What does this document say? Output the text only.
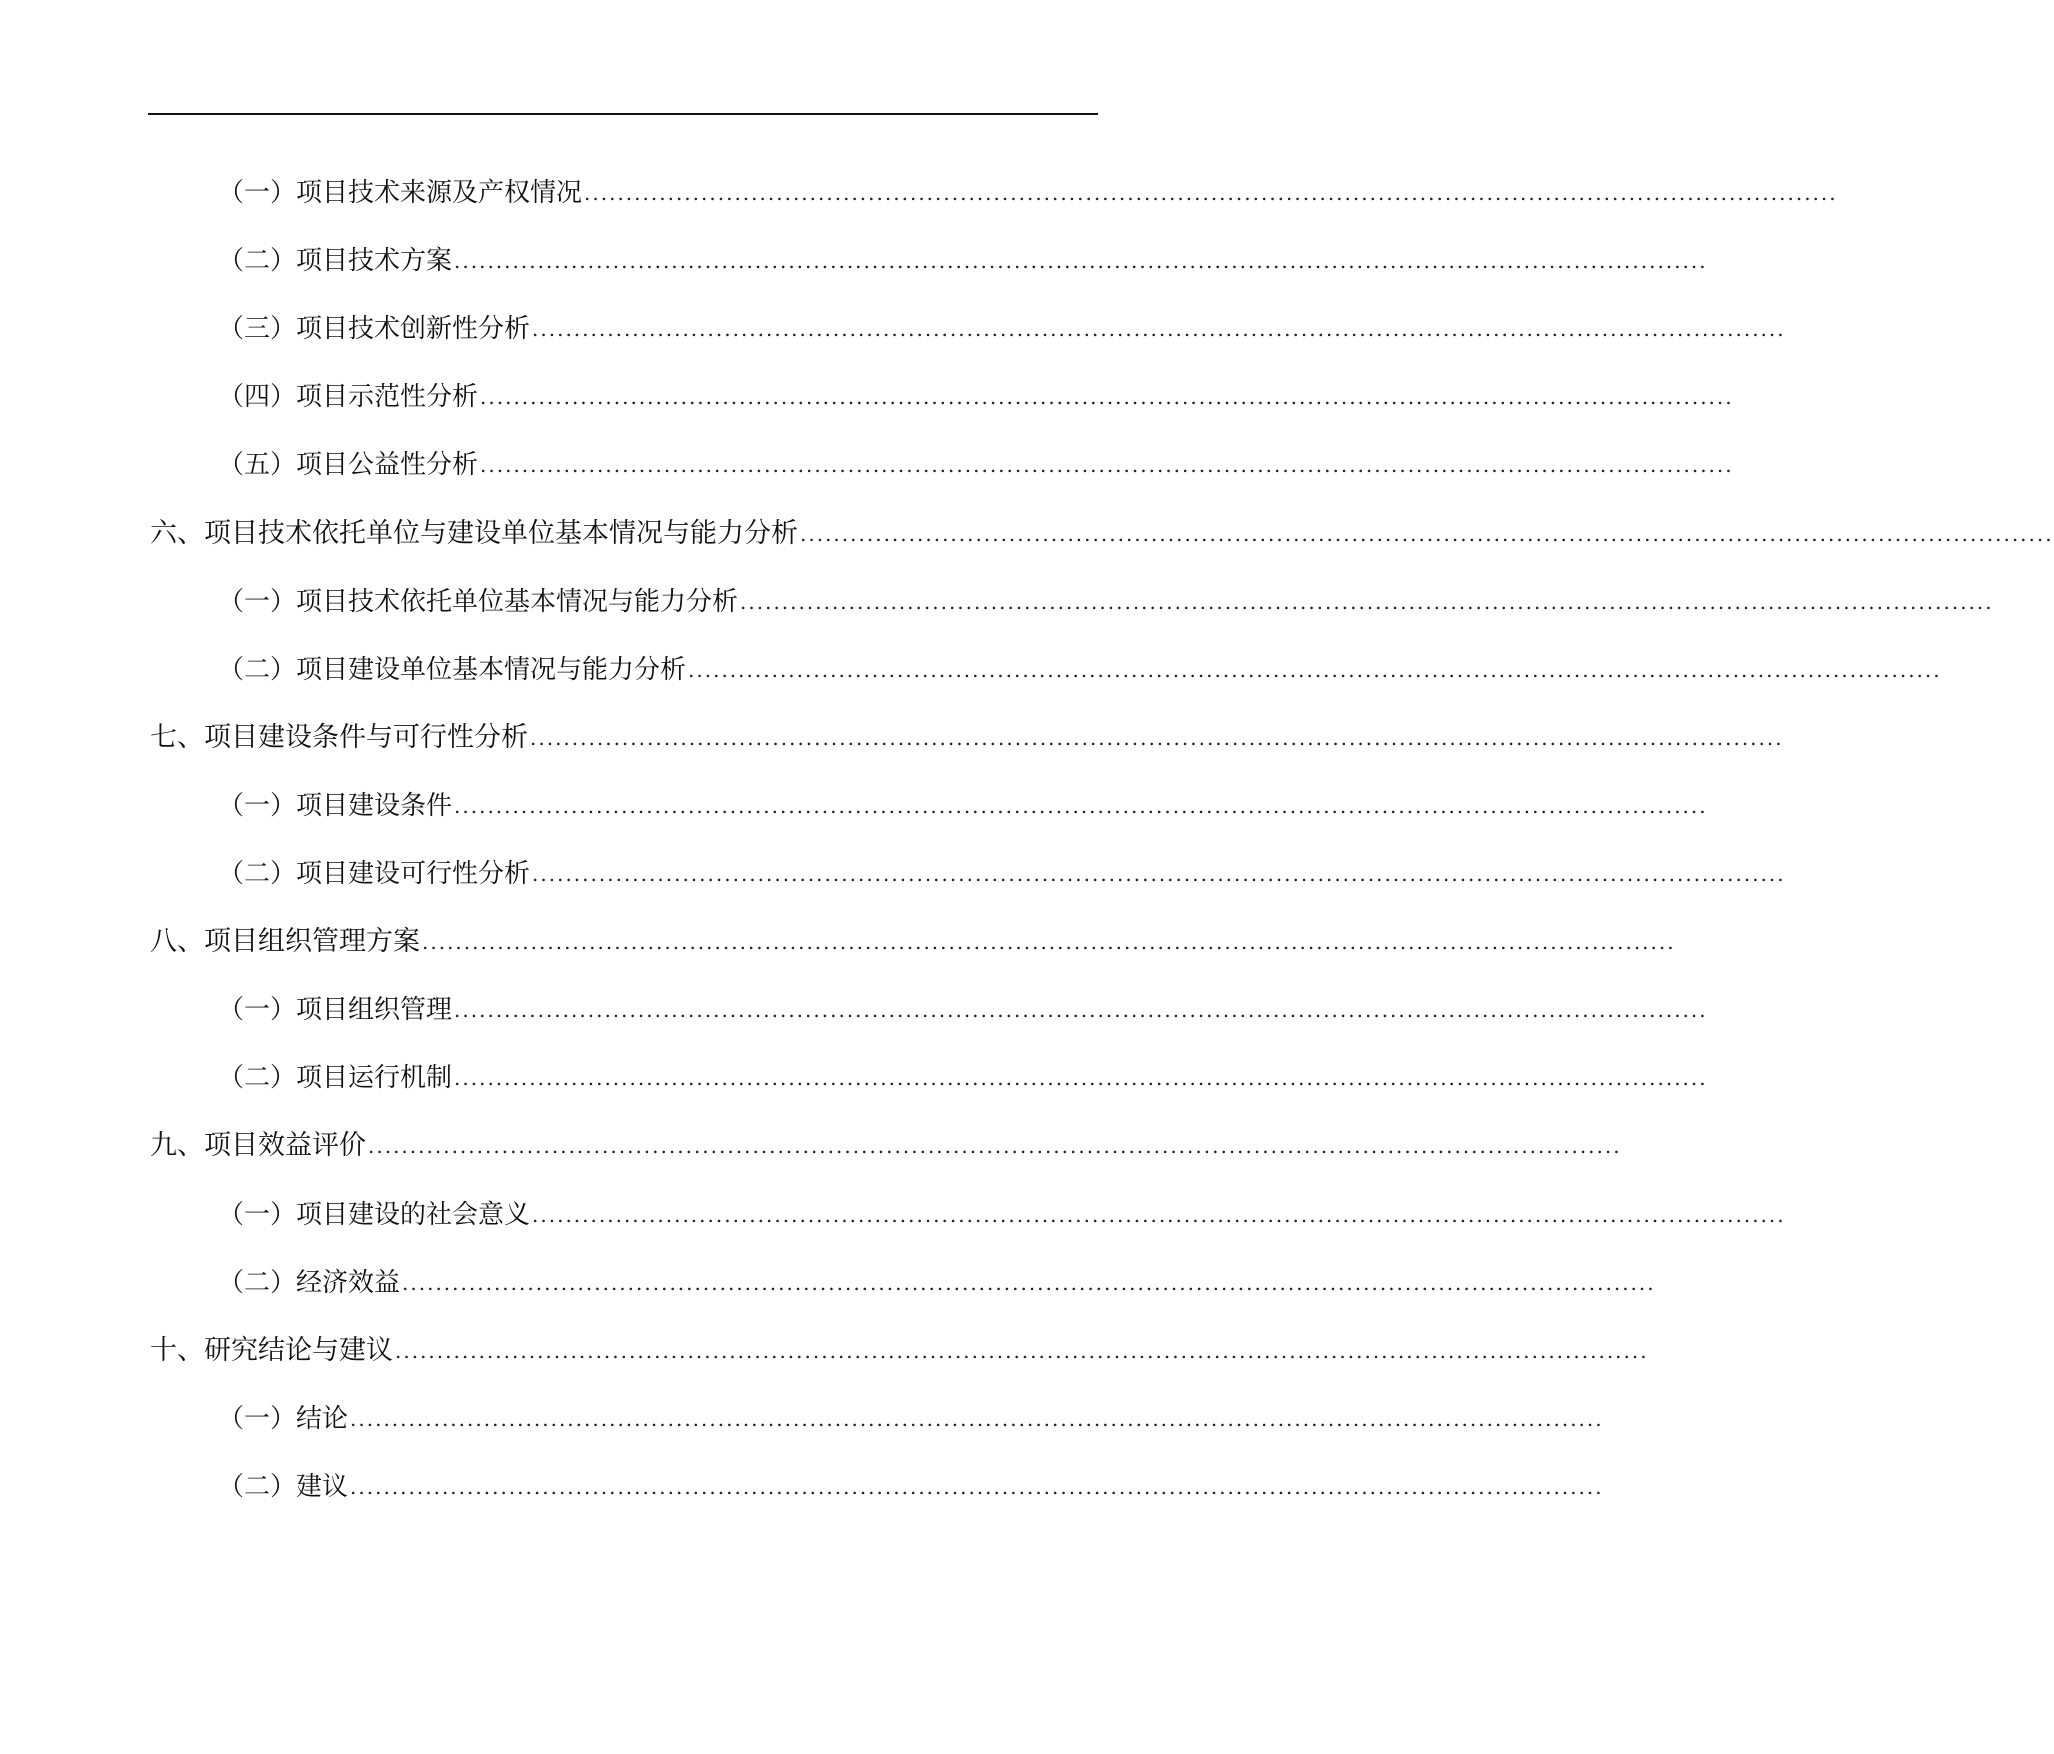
（一）项目技术来源及产权情况 ......................................................................................................................................................
（二）项目技术方案 ......................................................................................................................................................
（三）项目技术创新性分析 ......................................................................................................................................................
（四）项目示范性分析 ......................................................................................................................................................
（五）项目公益性分析 ......................................................................................................................................................
六、项目技术依托单位与建设单位基本情况与能力分析 ......................................................................................................................................................
（一）项目技术依托单位基本情况与能力分析 ......................................................................................................................................................
（二）项目建设单位基本情况与能力分析 ......................................................................................................................................................
七、项目建设条件与可行性分析 ......................................................................................................................................................
（一）项目建设条件 ......................................................................................................................................................
（二）项目建设可行性分析 ......................................................................................................................................................
八、项目组织管理方案 ......................................................................................................................................................
（一）项目组织管理 ......................................................................................................................................................
（二）项目运行机制 ......................................................................................................................................................
九、项目效益评价 ......................................................................................................................................................
（一）项目建设的社会意义 ......................................................................................................................................................
（二）经济效益 ......................................................................................................................................................
十、研究结论与建议 ......................................................................................................................................................
（一）结论 ......................................................................................................................................................
（二）建议 ......................................................................................................................................................
